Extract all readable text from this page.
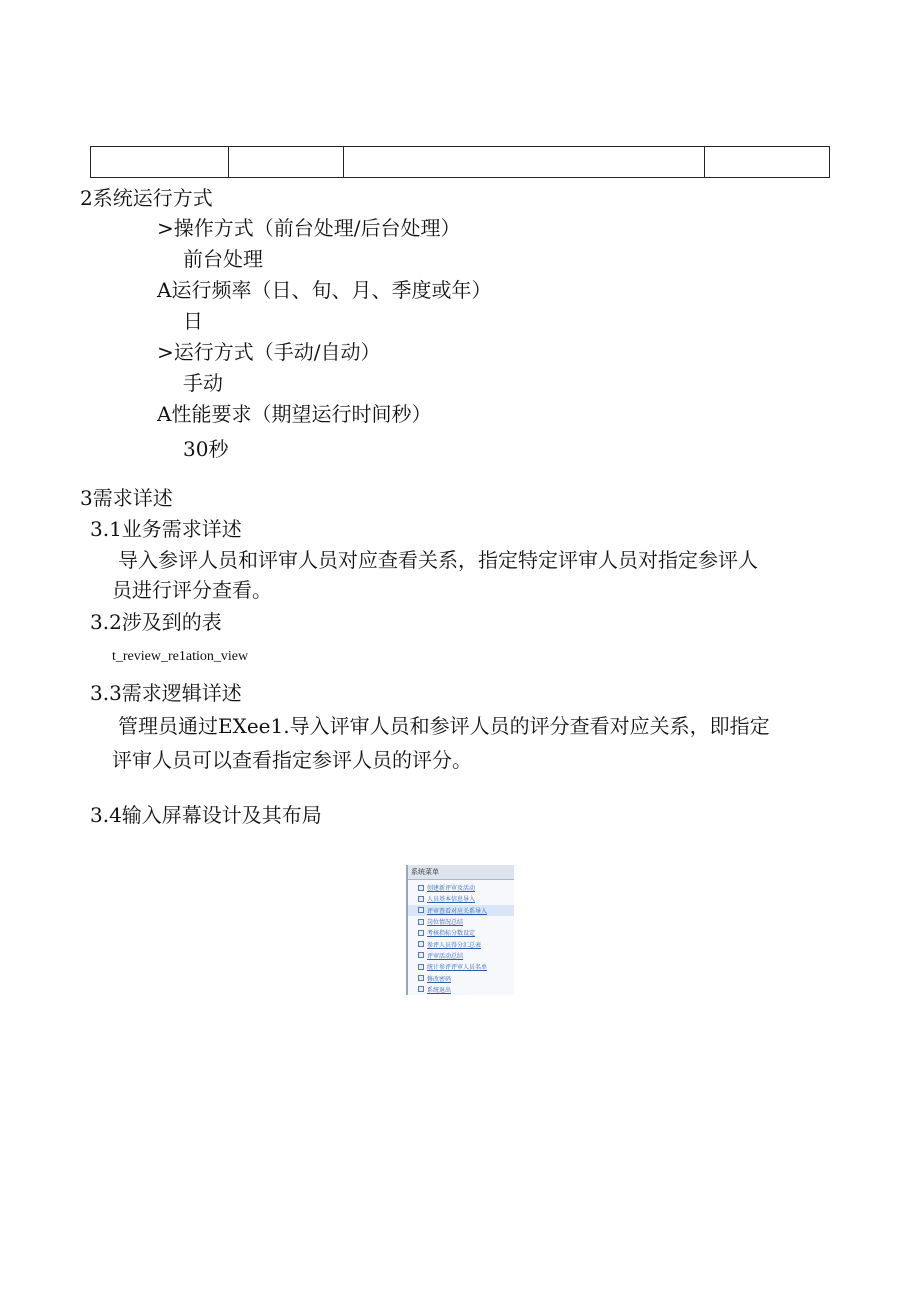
2系统运行方式
>操作方式（前台处理/后台处理）
前台处理
A运行频率（日、旬、月、季度或年）
日
>运行方式（手动/自动）
手动
A性能要求（期望运行时间秒）
30秒
3需求详述
3.1业务需求详述
导入参评人员和评审人员对应查看关系，指定特定评审人员对指定参评人
员进行评分查看。
3.2涉及到的表
t_review_re1ation_view
3.3需求逻辑详述
管理员通过EXee1.导入评审人员和参评人员的评分查看对应关系，即指定
评审人员可以查看指定参评人员的评分。
3.4输入屏幕设计及其布局
系统菜单
创建新评审及活动
人员基本信息导入
评审查看对应关系导入
岗位情况总结
考核指标分数设定
参评人员得分汇总表
评审活动总结
统计参评评审人员名单
修改密码
系统退出
